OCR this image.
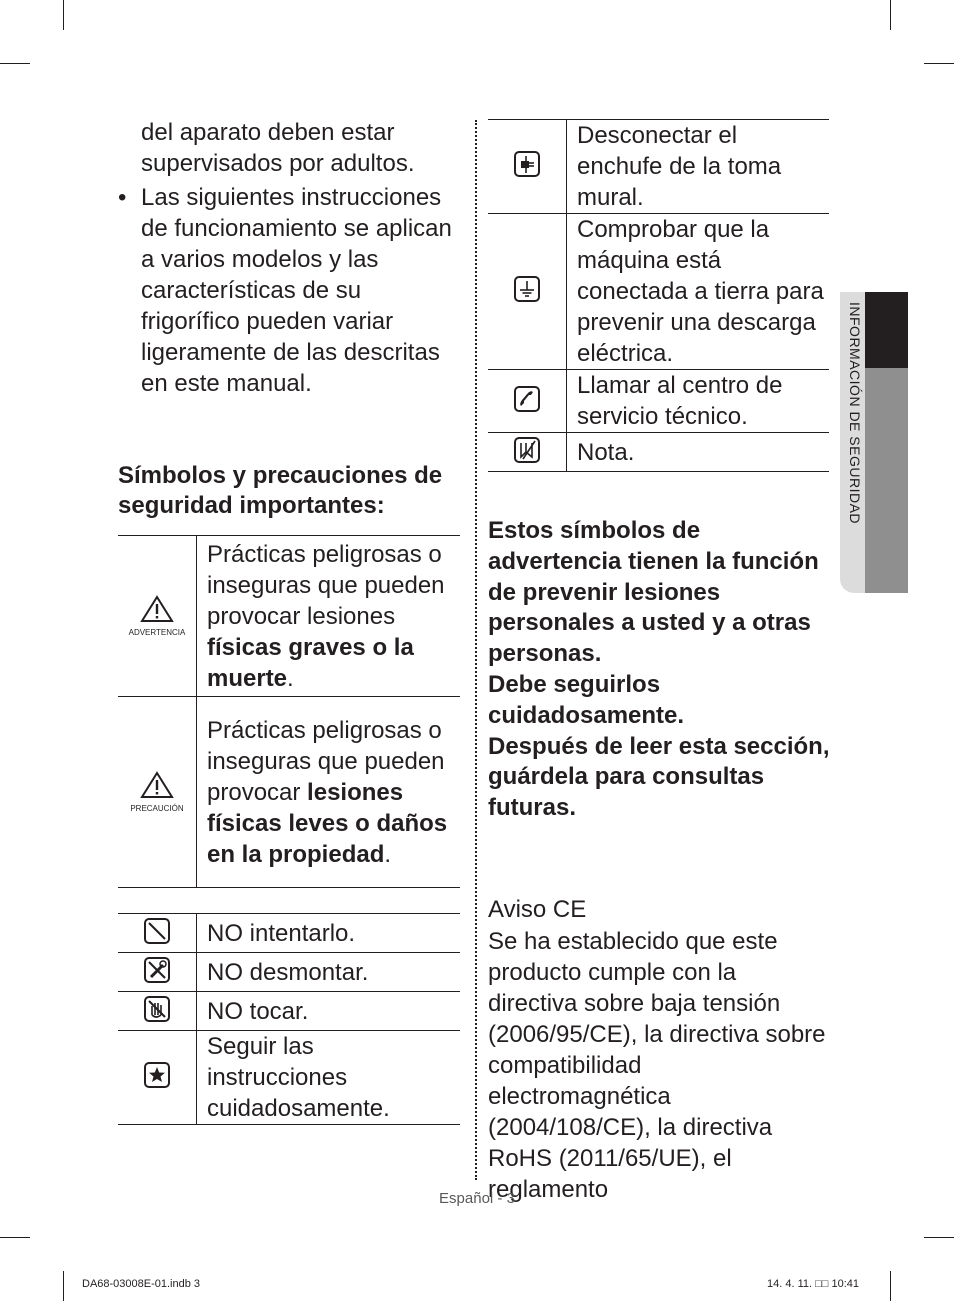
del aparato deben estar supervisados por adultos.
• Las siguientes instrucciones de funcionamiento se aplican a varios modelos y las características de su frigorífico pueden variar ligeramente de las descritas en este manual.
Símbolos y precauciones de seguridad importantes:
ADVERTENCIA	Prácticas peligrosas o inseguras que pueden provocar lesiones físicas graves o la muerte.

PRECAUCIÓN	Prácticas peligrosas o inseguras que pueden provocar lesiones físicas leves o daños en la propiedad.
	NO intentarlo.
	NO desmontar.
	NO tocar.
	Seguir las instrucciones cuidadosamente.
	Desconectar el enchufe de la toma mural.
	Comprobar que la máquina está conectada a tierra para prevenir una descarga eléctrica.
	Llamar al centro de servicio técnico.
	Nota.
Estos símbolos de advertencia tienen la función de prevenir lesiones personales a usted y a otras personas.
Debe seguirlos cuidadosamente.
Después de leer esta sección, guárdela para consultas futuras.
Aviso CE
Se ha establecido que este producto cumple con la directiva sobre baja tensión (2006/95/CE), la directiva sobre compatibilidad electromagnética (2004/108/CE), la directiva RoHS (2011/65/UE), el reglamento
INFORMACIÓN DE SEGURIDAD
Español - 3
DA68-03008E-01.indb 3	14. 4. 11. □□ 10:41
